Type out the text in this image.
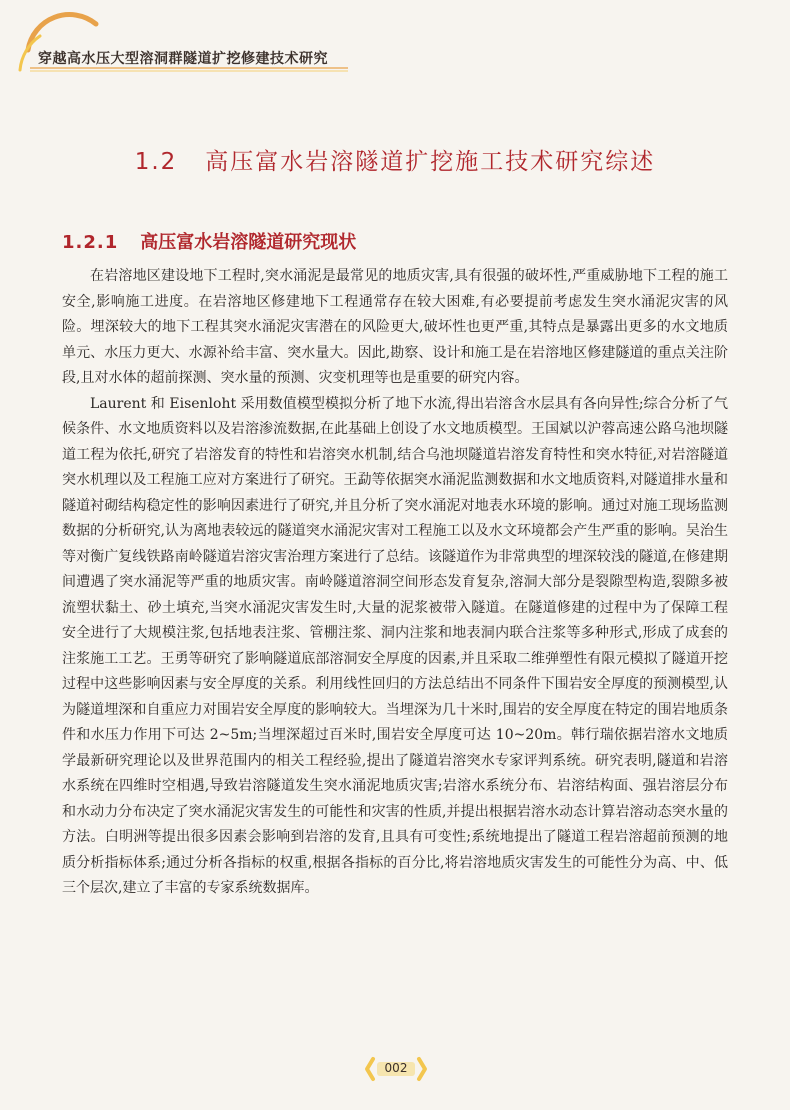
穿越高水压大型溶洞群隧道扩挖修建技术研究
1.2 高压富水岩溶隧道扩挖施工技术研究综述
1.2.1 高压富水岩溶隧道研究现状

在岩溶地区建设地下工程时,突水涌泥是最常见的地质灾害,具有很强的破坏性,严重威胁地下工程的施工安全,影响施工进度。在岩溶地区修建地下工程通常存在较大困难,有必要提前考虑发生突水涌泥灾害的风险。埋深较大的地下工程其突水涌泥灾害潜在的风险更大,破坏性也更严重,其特点是暴露出更多的水文地质单元、水压力更大、水源补给丰富、突水量大。因此,勘察、设计和施工是在岩溶地区修建隧道的重点关注阶段,且对水体的超前探测、突水量的预测、灾变机理等也是重要的研究内容。

Laurent 和 Eisenloht 采用数值模型模拟分析了地下水流,得出岩溶含水层具有各向异性;综合分析了气候条件、水文地质资料以及岩溶渗流数据,在此基础上创设了水文地质模型。王国斌以沪蓉高速公路乌池坝隧道工程为依托,研究了岩溶发育的特性和岩溶突水机制,结合乌池坝隧道岩溶发育特性和突水特征,对岩溶隧道突水机理以及工程施工应对方案进行了研究。王勐等依据突水涌泥监测数据和水文地质资料,对隧道排水量和隧道衬砌结构稳定性的影响因素进行了研究,并且分析了突水涌泥对地表水环境的影响。通过对施工现场监测数据的分析研究,认为离地表较远的隧道突水涌泥灾害对工程施工以及水文环境都会产生严重的影响。吴治生等对衡广复线铁路南岭隧道岩溶灾害治理方案进行了总结。该隧道作为非常典型的埋深较浅的隧道,在修建期间遭遇了突水涌泥等严重的地质灾害。南岭隧道溶洞空间形态发育复杂,溶洞大部分是裂隙型构造,裂隙多被流塑状黏土、砂土填充,当突水涌泥灾害发生时,大量的泥浆被带入隧道。在隧道修建的过程中为了保障工程安全进行了大规模注浆,包括地表注浆、管棚注浆、洞内注浆和地表洞内联合注浆等多种形式,形成了成套的注浆施工工艺。王勇等研究了影响隧道底部溶洞安全厚度的因素,并且采取二维弹塑性有限元模拟了隧道开挖过程中这些影响因素与安全厚度的关系。利用线性回归的方法总结出不同条件下围岩安全厚度的预测模型,认为隧道埋深和自重应力对围岩安全厚度的影响较大。当埋深为几十米时,围岩的安全厚度在特定的围岩地质条件和水压力作用下可达 2~5m;当埋深超过百米时,围岩安全厚度可达 10~20m。韩行瑞依据岩溶水文地质学最新研究理论以及世界范围内的相关工程经验,提出了隧道岩溶突水专家评判系统。研究表明,隧道和岩溶水系统在四维时空相遇,导致岩溶隧道发生突水涌泥地质灾害;岩溶水系统分布、岩溶结构面、强岩溶层分布和水动力分布决定了突水涌泥灾害发生的可能性和灾害的性质,并提出根据岩溶水动态计算岩溶动态突水量的方法。白明洲等提出很多因素会影响到岩溶的发育,且具有可变性;系统地提出了隧道工程岩溶超前预测的地质分析指标体系;通过分析各指标的权重,根据各指标的百分比,将岩溶地质灾害发生的可能性分为高、中、低三个层次,建立了丰富的专家系统数据库。

002
